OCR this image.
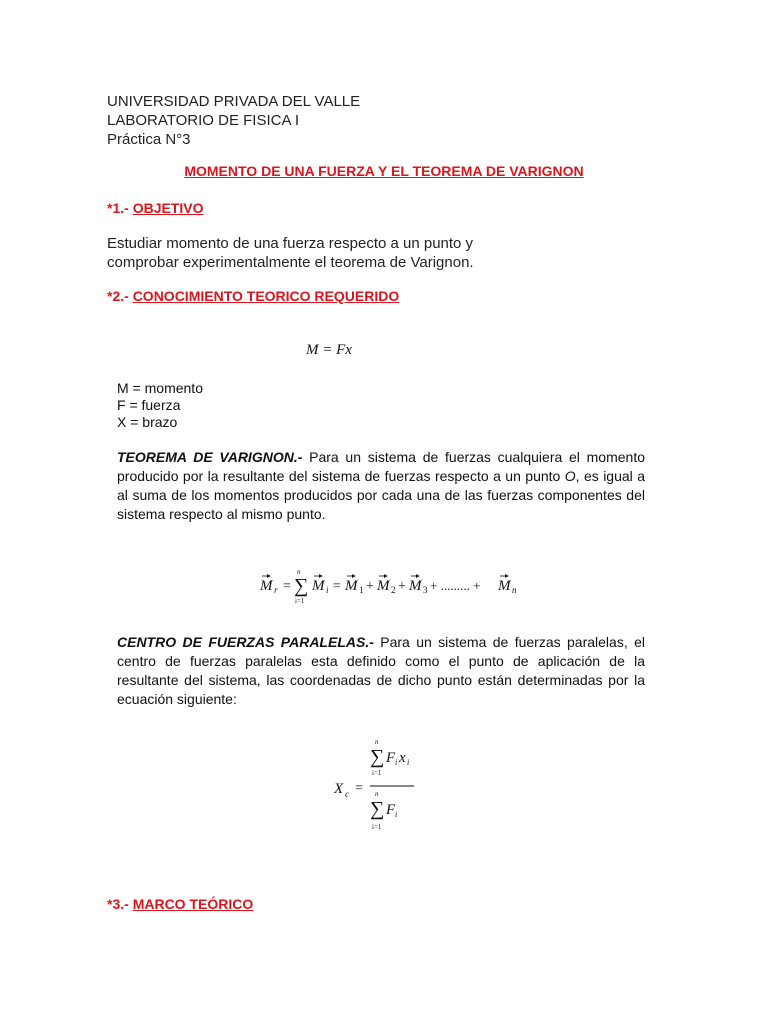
UNIVERSIDAD PRIVADA DEL VALLE
LABORATORIO DE FISICA I
Práctica N°3
MOMENTO DE UNA FUERZA Y EL TEOREMA DE VARIGNON
*1.- OBJETIVO
Estudiar momento de una fuerza respecto a un punto y comprobar experimentalmente el teorema de Varignon.
*2.- CONOCIMIENTO TEORICO REQUERIDO
M = Fx
M = momento
F = fuerza
X = brazo
TEOREMA DE VARIGNON.- Para un sistema de fuerzas cualquiera el momento producido por la resultante del sistema de fuerzas respecto a un punto O, es igual a al suma de los momentos producidos por cada una de las fuerzas componentes del sistema respecto al mismo punto.
M r =
n
∑
i=1
M i = M 1 + M 2 + M 3 + ......... + M n
CENTRO DE FUERZAS PARALELAS.- Para un sistema de fuerzas paralelas, el centro de fuerzas paralelas esta definido como el punto de aplicación de la resultante del sistema, las coordenadas de dicho punto están determinadas por la ecuación siguiente:
X c =
n
∑
i=1
F i x i
n
∑
i=1
F i
*3.- MARCO TEÓRICO
